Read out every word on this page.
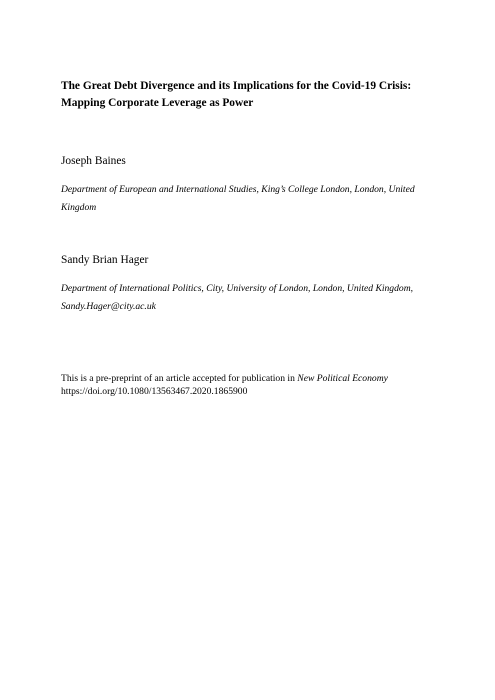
The Great Debt Divergence and its Implications for the Covid-19 Crisis:
Mapping Corporate Leverage as Power

Joseph Baines

Department of European and International Studies, King’s College London, London, United
Kingdom

Sandy Brian Hager

Department of International Politics, City, University of London, London, United Kingdom,
Sandy.Hager@city.ac.uk

This is a pre-preprint of an article accepted for publication in New Political Economy
https://doi.org/10.1080/13563467.2020.1865900
